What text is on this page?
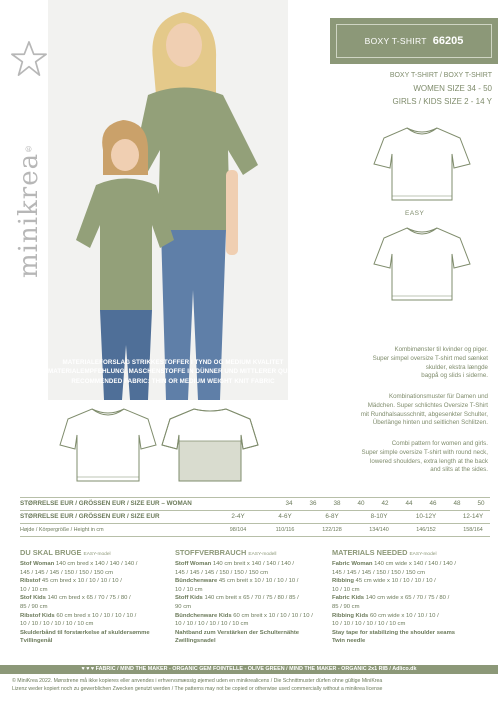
minikrea®
MATERIALEFORSLAG STRIKKESTOFFER I TYND OG MEDIUM KVALITET
MATERIALEMPFEHLUNG: MASCHENSTOFFE IN DÜNNER UND MITTLERER QUALITÄT
RECOMMENDED FABRIC: THIN OR MEDIUM WEIGHT KNIT FABRIC
BOXY T-SHIRT 66205
BOXY T-SHIRT / BOXY T-SHIRT
WOMEN SIZE 34 - 50
GIRLS / KIDS SIZE 2 - 14 Y
EASY
Kombimønster til kvinder og piger.
Super simpel oversize T-shirt med sænket
skulder, ekstra længde
bagpå og slids i siderne.
Kombinationsmuster für Damen und
Mädchen. Super schlichtes Oversize T-Shirt
mit Rundhalsausschnitt, abgesenkter Schulter,
Überlänge hinten und seitlichen Schlitzen.
Combi pattern for women and girls.
Super simple oversize T-shirt with round neck,
lowered shoulders, extra length at the back
and slits at the sides.
STØRRELSE EUR / GRÖSSEN EUR / SIZE EUR – WOMAN	34	36	38	40	42	44	46	48	50
STØRRELSE EUR / GRÖSSEN EUR / SIZE EUR	2-4Y	4-6Y	6-8Y	8-10Y	10-12Y	12-14Y
Højde / Körpergröße / Height in cm	98/104	110/116	122/128	134/140	146/152	158/164
DU SKAL BRUGE EASY-model

Stof Woman 140 cm bred x 140 / 140 / 140 /

145 / 145 / 145 / 150 / 150 / 150 cm

Ribstof 45 cm bred x 10 / 10 / 10 / 10 /

10 / 10 cm

Stof Kids 140 cm bred x 65 / 70 / 75 / 80 /

85 / 90 cm

Ribstof Kids 60 cm bred x 10 / 10 / 10 / 10 /

10 / 10 / 10 / 10 / 10 / 10 cm

Skulderbånd til forstærkelse af skuldersømme

Tvillingenål

STOFFVERBRAUCH EASY-modell

Stoff Woman 140 cm breit x 140 / 140 / 140 /

145 / 145 / 145 / 150 / 150 / 150 cm

Bündchenware 45 cm breit x 10 / 10 / 10 / 10 /

10 / 10 cm

Stoff Kids 140 cm breit x 65 / 70 / 75 / 80 / 85 /

90 cm

Bündchenware Kids 60 cm breit x 10 / 10 / 10 / 10 /

10 / 10 / 10 / 10 / 10 / 10 cm

Nahtband zum Verstärken der Schulternähte

Zwillingsnadel

MATERIALS NEEDED EASY-model

Fabric Woman 140 cm wide x 140 / 140 / 140 /

145 / 145 / 145 / 150 / 150 / 150 cm

Ribbing 45 cm wide x 10 / 10 / 10 / 10 /

10 / 10 cm

Fabric Kids 140 cm wide x 65 / 70 / 75 / 80 /

85 / 90 cm

Ribbing Kids 60 cm wide x 10 / 10 / 10 /

10 / 10 / 10 / 10 / 10 / 10 cm

Stay tape for stabilizing the shoulder seams

Twin needle

♥ ♥ ♥ FABRIC / MIND THE MAKER - ORGANIC GEM FOINTELLE - OLIVE GREEN / MIND THE MAKER - ORGANIC 2x1 RIB / Adlico.dk
© MiniKrea 2022. Mønstrene må ikke kopieres eller anvendes i erhvervsmæssig øjemed uden en minikrealicens / Die Schnittmuster dürfen ohne gültige MiniKrea
Lizenz weder kopiert noch zu gewerblichen Zwecken genutzt werden / The patterns may not be copied or otherwise used commercially without a minikrea license
